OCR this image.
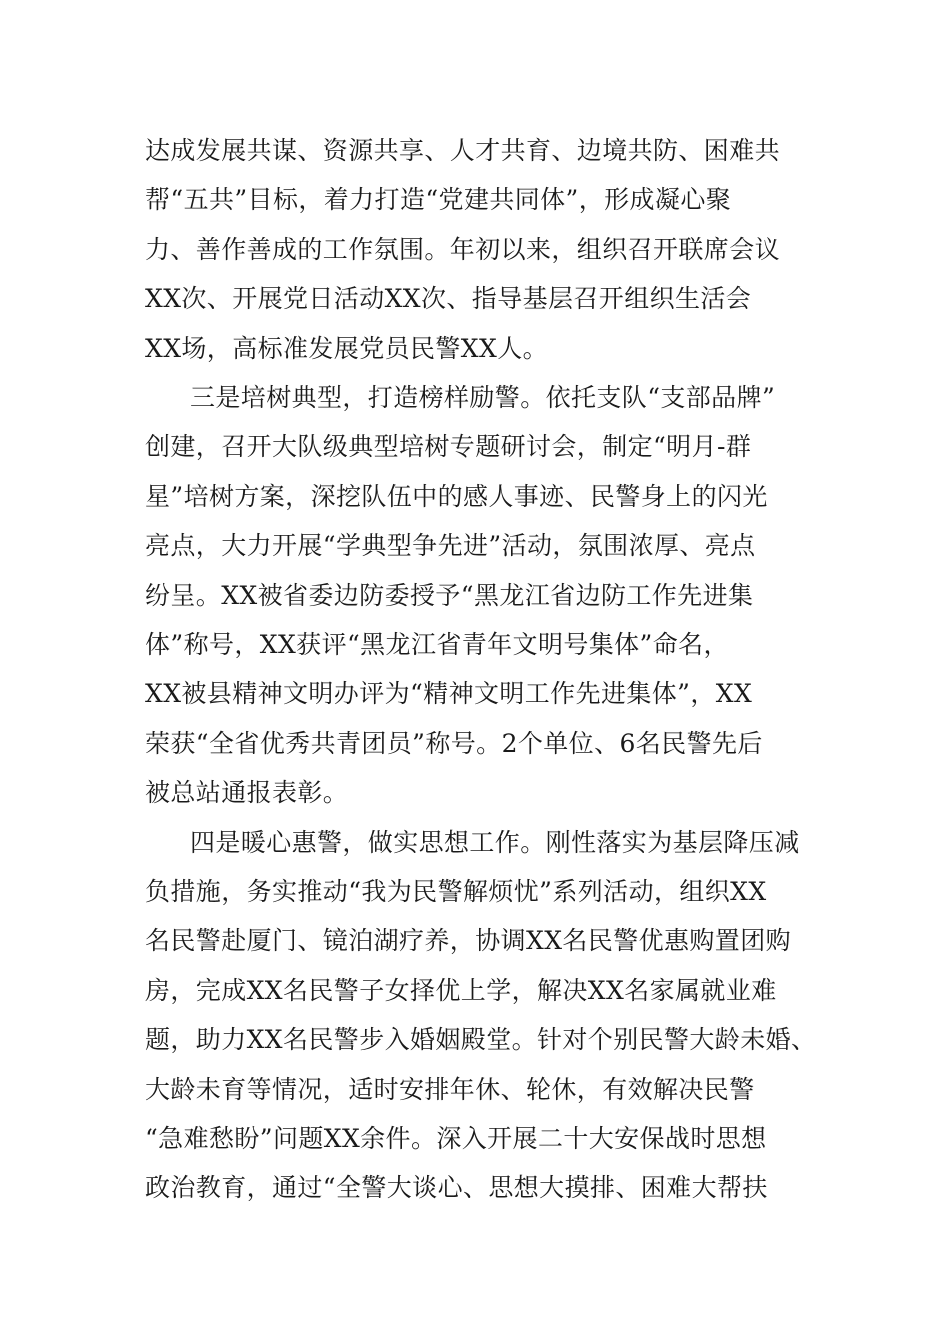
达成发展共谋、资源共享、人才共育、边境共防、困难共
帮“五共”目标，着力打造“党建共同体”，形成凝心聚
力、善作善成的工作氛围。年初以来，组织召开联席会议
XX次、开展党日活动XX次、指导基层召开组织生活会
XX场，高标准发展党员民警XX人。
三是培树典型，打造榜样励警。依托支队“支部品牌”
创建，召开大队级典型培树专题研讨会，制定“明月-群
星”培树方案，深挖队伍中的感人事迹、民警身上的闪光
亮点，大力开展“学典型争先进”活动，氛围浓厚、亮点
纷呈。XX被省委边防委授予“黑龙江省边防工作先进集
体”称号，XX获评“黑龙江省青年文明号集体”命名，
XX被县精神文明办评为“精神文明工作先进集体”，XX
荣获“全省优秀共青团员”称号。2个单位、6名民警先后
被总站通报表彰。
四是暖心惠警，做实思想工作。刚性落实为基层降压减
负措施，务实推动“我为民警解烦忧”系列活动，组织XX
名民警赴厦门、镜泊湖疗养，协调XX名民警优惠购置团购
房，完成XX名民警子女择优上学，解决XX名家属就业难
题，助力XX名民警步入婚姻殿堂。针对个别民警大龄未婚、
大龄未育等情况，适时安排年休、轮休，有效解决民警
“急难愁盼”问题XX余件。深入开展二十大安保战时思想
政治教育，通过“全警大谈心、思想大摸排、困难大帮扶
